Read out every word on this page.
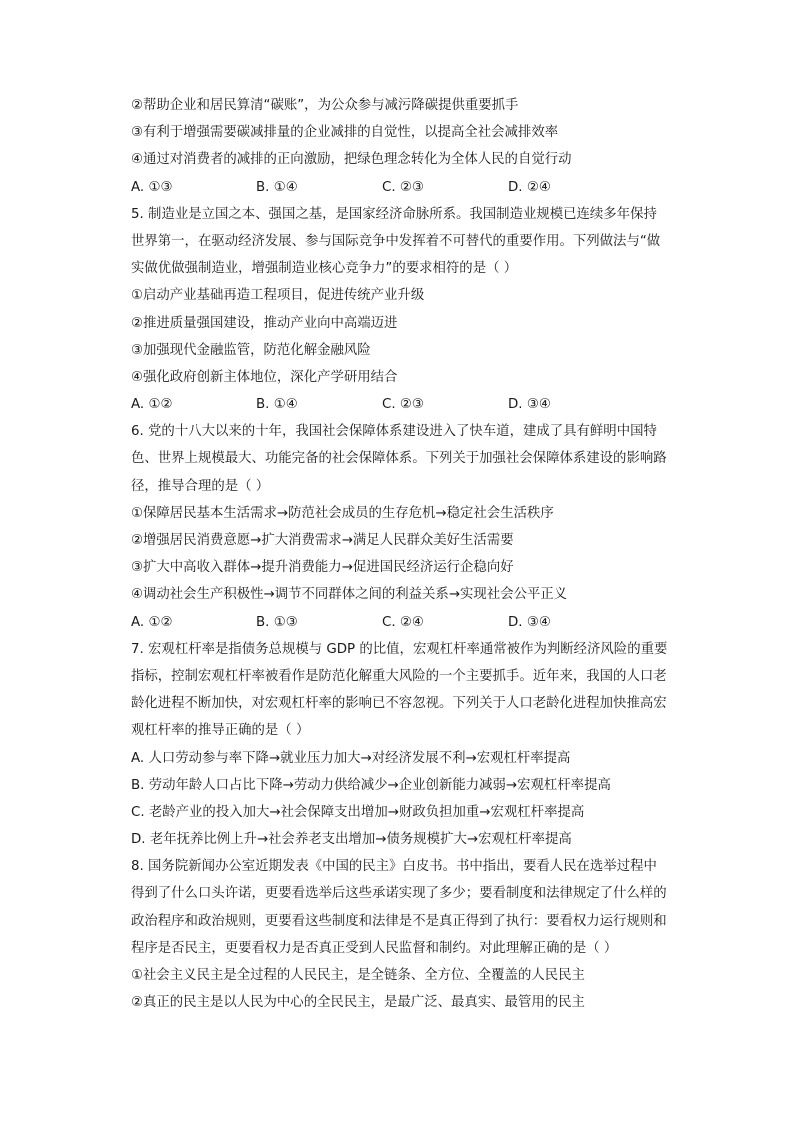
②帮助企业和居民算清“碳账”，为公众参与减污降碳提供重要抓手
③有利于增强需要碳减排量的企业减排的自觉性，以提高全社会减排效率
④通过对消费者的减排的正向激励，把绿色理念转化为全体人民的自觉行动
A. ①③	B. ①④	C. ②③	D. ②④
5. 制造业是立国之本、强国之基，是国家经济命脉所系。我国制造业规模已连续多年保持
世界第一，在驱动经济发展、参与国际竞争中发挥着不可替代的重要作用。下列做法与“做
实做优做强制造业，增强制造业核心竞争力”的要求相符的是（ ）
①启动产业基础再造工程项目，促进传统产业升级
②推进质量强国建设，推动产业向中高端迈进
③加强现代金融监管，防范化解金融风险
④强化政府创新主体地位，深化产学研用结合
A. ①②	B. ①④	C. ②③	D. ③④
6. 党的十八大以来的十年，我国社会保障体系建设进入了快车道，建成了具有鲜明中国特
色、世界上规模最大、功能完备的社会保障体系。下列关于加强社会保障体系建设的影响路
径，推导合理的是（ ）
①保障居民基本生活需求→防范社会成员的生存危机→稳定社会生活秩序
②增强居民消费意愿→扩大消费需求→满足人民群众美好生活需要
③扩大中高收入群体→提升消费能力→促进国民经济运行企稳向好
④调动社会生产积极性→调节不同群体之间的利益关系→实现社会公平正义
A. ①②	B. ①③	C. ②④	D. ③④
7. 宏观杠杆率是指债务总规模与 GDP 的比值，宏观杠杆率通常被作为判断经济风险的重要
指标，控制宏观杠杆率被看作是防范化解重大风险的一个主要抓手。近年来，我国的人口老
龄化进程不断加快，对宏观杠杆率的影响已不容忽视。下列关于人口老龄化进程加快推高宏
观杠杆率的推导正确的是（ ）
A. 人口劳动参与率下降→就业压力加大→对经济发展不利→宏观杠杆率提高
B. 劳动年龄人口占比下降→劳动力供给减少→企业创新能力减弱→宏观杠杆率提高
C. 老龄产业的投入加大→社会保障支出增加→财政负担加重→宏观杠杆率提高
D. 老年抚养比例上升→社会养老支出增加→债务规模扩大→宏观杠杆率提高
8. 国务院新闻办公室近期发表《中国的民主》白皮书。书中指出，要看人民在选举过程中
得到了什么口头许诺，更要看选举后这些承诺实现了多少；要看制度和法律规定了什么样的
政治程序和政治规则，更要看这些制度和法律是不是真正得到了执行：要看权力运行规则和
程序是否民主，更要看权力是否真正受到人民监督和制约。对此理解正确的是（ ）
①社会主义民主是全过程的人民民主，是全链条、全方位、全覆盖的人民民主
②真正的民主是以人民为中心的全民民主，是最广泛、最真实、最管用的民主
